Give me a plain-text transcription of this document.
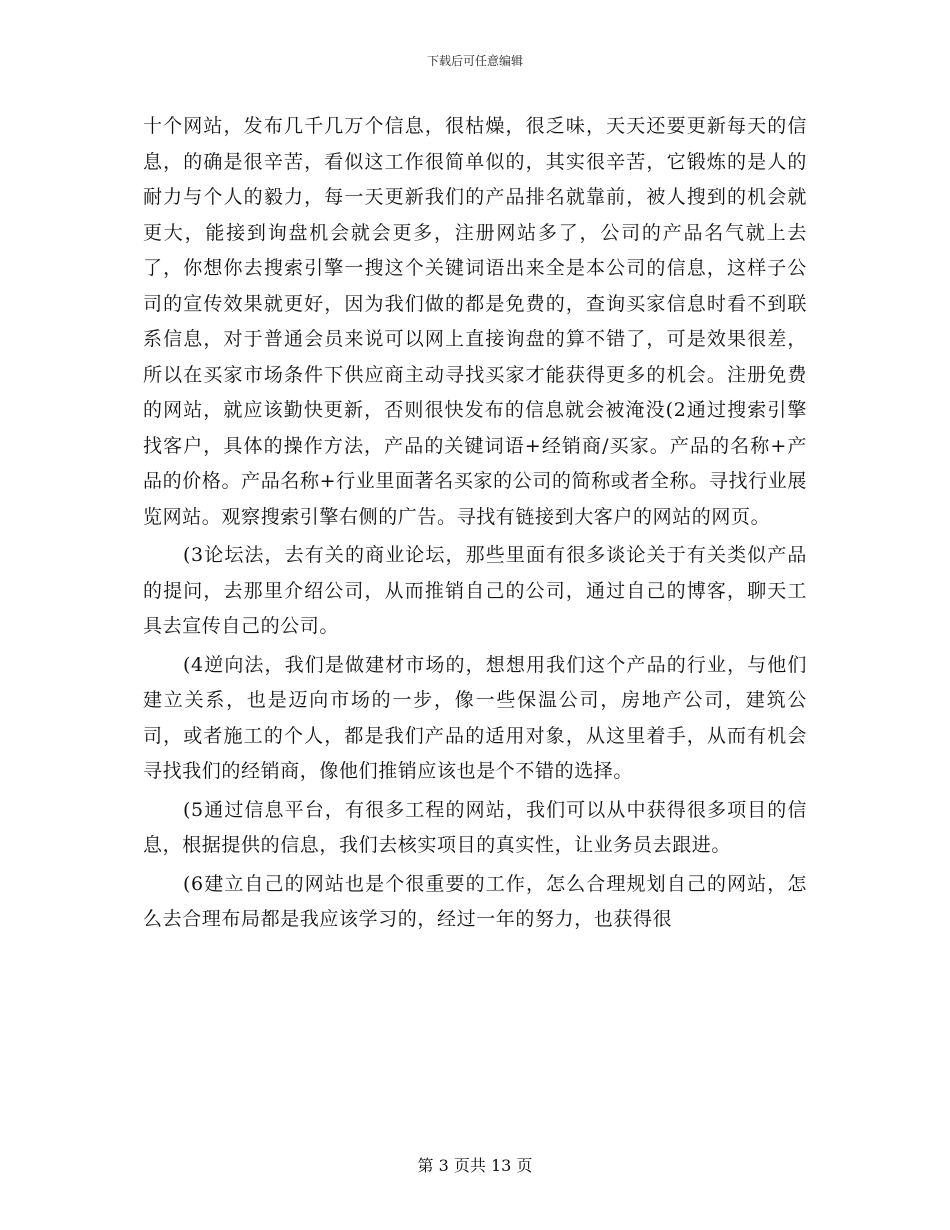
下载后可任意编辑

十个网站，发布几千几万个信息，很枯燥，很乏味，天天还要更新每天的信息，的确是很辛苦，看似这工作很简单似的，其实很辛苦，它锻炼的是人的耐力与个人的毅力，每一天更新我们的产品排名就靠前，被人搜到的机会就更大，能接到询盘机会就会更多，注册网站多了，公司的产品名气就上去了，你想你去搜索引擎一搜这个关键词语出来全是本公司的信息，这样子公司的宣传效果就更好，因为我们做的都是免费的，查询买家信息时看不到联系信息，对于普通会员来说可以网上直接询盘的算不错了，可是效果很差，所以在买家市场条件下供应商主动寻找买家才能获得更多的机会。注册免费的网站，就应该勤快更新，否则很快发布的信息就会被淹没(2通过搜索引擎找客户，具体的操作方法，产品的关键词语+经销商/买家。产品的名称+产品的价格。产品名称+行业里面著名买家的公司的简称或者全称。寻找行业展览网站。观察搜索引擎右侧的广告。寻找有链接到大客户的网站的网页。

(3论坛法，去有关的商业论坛，那些里面有很多谈论关于有关类似产品的提问，去那里介绍公司，从而推销自己的公司，通过自己的博客，聊天工具去宣传自己的公司。

(4逆向法，我们是做建材市场的，想想用我们这个产品的行业，与他们建立关系，也是迈向市场的一步，像一些保温公司，房地产公司，建筑公司，或者施工的个人，都是我们产品的适用对象，从这里着手，从而有机会寻找我们的经销商，像他们推销应该也是个不错的选择。

(5通过信息平台，有很多工程的网站，我们可以从中获得很多项目的信息，根据提供的信息，我们去核实项目的真实性，让业务员去跟进。

(6建立自己的网站也是个很重要的工作，怎么合理规划自己的网站，怎么去合理布局都是我应该学习的，经过一年的努力，也获得很

第 3 页共 13 页
